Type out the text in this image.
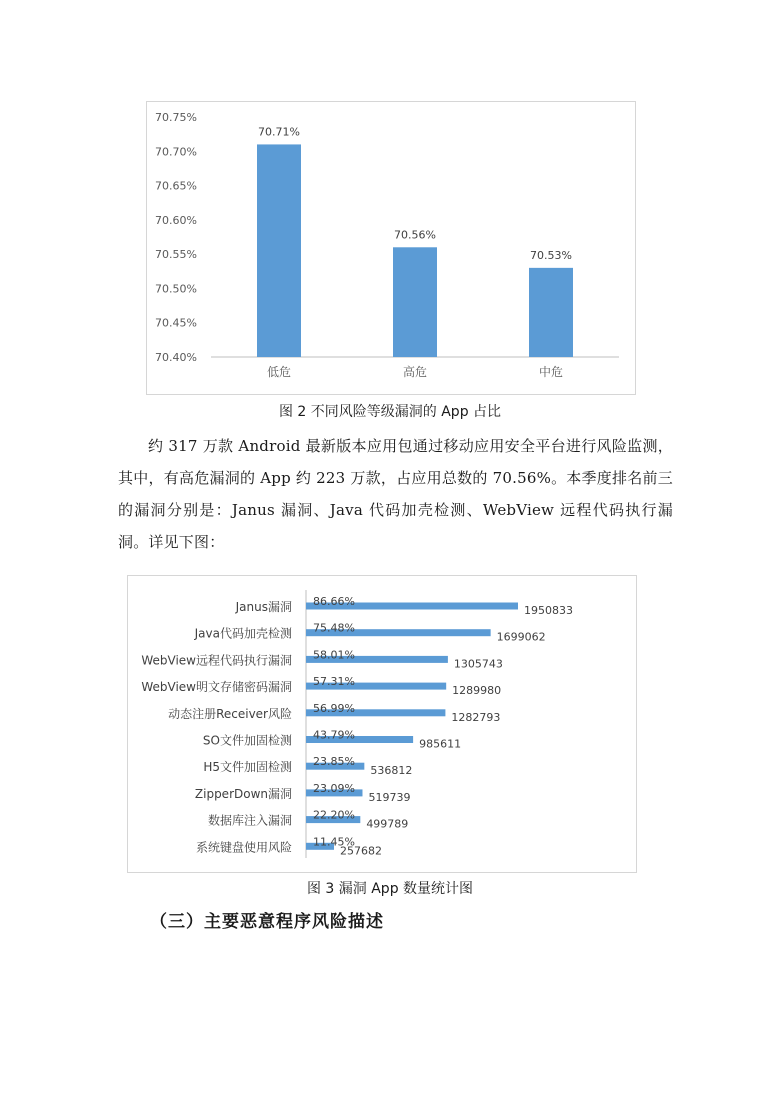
70.40%
70.45%
70.50%
70.55%
70.60%
70.65%
70.70%
70.75%
70.71%
低危
70.56%
高危
70.53%
中危
图 2 不同风险等级漏洞的 App 占比
约 317 万款 Android 最新版本应用包通过移动应用安全平台进行风险监测，其中，有高危漏洞的 App 约 223 万款，占应用总数的 70.56%。本季度排名前三的漏洞分别是：Janus 漏洞、Java 代码加壳检测、WebView 远程代码执行漏洞。详见下图：
Janus漏洞 86.66%
1950833
Java代码加壳检测 75.48%
1699062
WebView远程代码执行漏洞 58.01%
1305743
WebView明文存储密码漏洞 57.31%
1289980
动态注册Receiver风险 56.99%
1282793
SO文件加固检测 43.79%
985611
H5文件加固检测 23.85%
536812
ZipperDown漏洞 23.09%
519739
数据库注入漏洞 22.20%
499789
系统键盘使用风险 11.45%
257682
图 3 漏洞 App 数量统计图
（三）主要恶意程序风险描述
